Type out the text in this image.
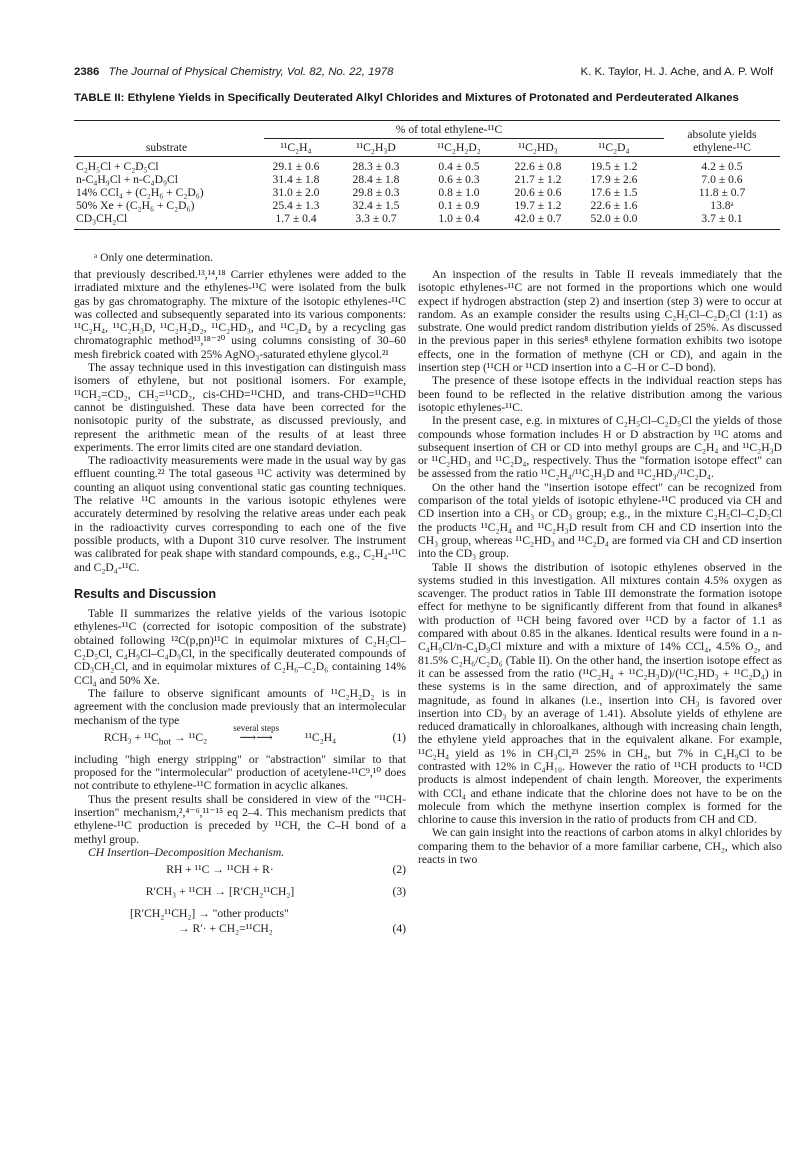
2386 The Journal of Physical Chemistry, Vol. 82, No. 22, 1978	K. K. Taylor, H. J. Ache, and A. P. Wolf
TABLE II: Ethylene Yields in Specifically Deuterated Alkyl Chlorides and Mixtures of Protonated and Perdeuterated Alkanes
% of total ethylene-¹¹C	absolute yields
ethylene-¹¹C
substrate	¹¹C₂H₄	¹¹C₂H₃D	¹¹C₂H₂D₂	¹¹C₂HD₃	¹¹C₂D₄
C₂H₅Cl + C₂D₅Cl	29.1 ± 0.6	28.3 ± 0.3	0.4 ± 0.5	22.6 ± 0.8	19.5 ± 1.2	4.2 ± 0.5
n-C₄H₉Cl + n-C₄D₉Cl	31.4 ± 1.8	28.4 ± 1.8	0.6 ± 0.3	21.7 ± 1.2	17.9 ± 2.6	7.0 ± 0.6
14% CCl₄ + (C₂H₆ + C₂D₆)	31.0 ± 2.0	29.8 ± 0.3	0.8 ± 1.0	20.6 ± 0.6	17.6 ± 1.5	11.8 ± 0.7
50% Xe + (C₂H₆ + C₂D₆)	25.4 ± 1.3	32.4 ± 1.5	0.1 ± 0.9	19.7 ± 1.2	22.6 ± 1.6	13.8ᵃ
CD₃CH₂Cl	1.7 ± 0.4	3.3 ± 0.7	1.0 ± 0.4	42.0 ± 0.7	52.0 ± 0.0	3.7 ± 0.1
ᵃ Only one determination.

that previously described.¹³,¹⁴,¹⁸ Carrier ethylenes were added to the irradiated mixture and the ethylenes-¹¹C were isolated from the bulk gas by gas chromatography. The mixture of the isotopic ethylenes-¹¹C was collected and subsequently separated into its various components: ¹¹C₂H₄, ¹¹C₂H₃D, ¹¹C₂H₂D₂, ¹¹C₂HD₃, and ¹¹C₂D₄ by a recycling gas chromatographic method¹³,¹⁸⁻²⁰ using columns consisting of 30–60 mesh firebrick coated with 25% AgNO₃-saturated ethylene glycol.²¹

The assay technique used in this investigation can distinguish mass isomers of ethylene, but not positional isomers. For example, ¹¹CH₂=CD₂, CH₂=¹¹CD₂, cis-CHD=¹¹CHD, and trans-CHD=¹¹CHD cannot be distinguished. These data have been corrected for the nonisotopic purity of the substrate, as discussed previously, and represent the arithmetic mean of the results of at least three experiments. The error limits cited are one standard deviation.

The radioactivity measurements were made in the usual way by gas effluent counting.²² The total gaseous ¹¹C activity was determined by counting an aliquot using conventional static gas counting techniques. The relative ¹¹C amounts in the various isotopic ethylenes were accurately determined by resolving the relative areas under each peak in the radioactivity curves corresponding to each one of the five possible products, with a Dupont 310 curve resolver. The instrument was calibrated for peak shape with standard compounds, e.g., C₂H₄-¹¹C and C₂D₄-¹¹C.

Results and Discussion

Table II summarizes the relative yields of the various isotopic ethylenes-¹¹C (corrected for isotopic composition of the substrate) obtained following ¹²C(p,pn)¹¹C in equimolar mixtures of C₂H₅Cl–C₂D₅Cl, C₄H₉Cl–C₄D₉Cl, in the specifically deuterated compounds of CD₃CH₂Cl, and in equimolar mixtures of C₂H₆–C₂D₆ containing 14% CCl₄ and 50% Xe.

The failure to observe significant amounts of ¹¹C₂H₂D₂ is in agreement with the conclusion made previously that an intermolecular mechanism of the type

$RCH_3 + ^{11}C_{hot} \to ^{11}C_2$
several steps
⟶⟶	¹¹C₂H₄	(1)

including "high energy stripping" or "abstraction" similar to that proposed for the "intermolecular" production of acetylene-¹¹C⁹,¹⁰ does not contribute to ethylene-¹¹C formation in acyclic alkanes.

Thus the present results shall be considered in view of the "¹¹CH-insertion" mechanism,²,⁴⁻⁶,¹¹⁻¹⁵ eq 2–4. This mechanism predicts that ethylene-¹¹C production is preceded by ¹¹CH, the C–H bond of a methyl group.

CH Insertion–Decomposition Mechanism.

RH + ¹¹C → ¹¹CH + R·	(2)
R′CH₃ + ¹¹CH → [R′CH₂¹¹CH₂]	(3)
[R′CH₂¹¹CH₂] → "other products"
→ R′· + CH₂=¹¹CH₂	(4)

An inspection of the results in Table II reveals immediately that the isotopic ethylenes-¹¹C are not formed in the proportions which one would expect if hydrogen abstraction (step 2) and insertion (step 3) were to occur at random. As an example consider the results using C₂H₅Cl–C₂D₅Cl (1:1) as substrate. One would predict random distribution yields of 25%. As discussed in the previous paper in this series⁸ ethylene formation exhibits two isotope effects, one in the formation of methyne (CH or CD), and again in the insertion step (¹¹CH or ¹¹CD insertion into a C–H or C–D bond).

The presence of these isotope effects in the individual reaction steps has been found to be reflected in the relative distribution among the various isotopic ethylenes-¹¹C.

In the present case, e.g. in mixtures of C₂H₅Cl–C₂D₅Cl the yields of those compounds whose formation includes H or D abstraction by ¹¹C atoms and subsequent insertion of CH or CD into methyl groups are C₂H₄ and ¹¹C₂H₃D or ¹¹C₂HD₃ and ¹¹C₂D₄, respectively. Thus the "formation isotope effect" can be assessed from the ratio ¹¹C₂H₄/¹¹C₂H₃D and ¹¹C₂HD₃/¹¹C₂D₄.

On the other hand the "insertion isotope effect" can be recognized from comparison of the total yields of isotopic ethylene-¹¹C produced via CH and CD insertion into a CH₃ or CD₃ group; e.g., in the mixture C₂H₅Cl–C₂D₅Cl the products ¹¹C₂H₄ and ¹¹C₂H₃D result from CH and CD insertion into the CH₃ group, whereas ¹¹C₂HD₃ and ¹¹C₂D₄ are formed via CH and CD insertion into the CD₃ group.

Table II shows the distribution of isotopic ethylenes observed in the systems studied in this investigation. All mixtures contain 4.5% oxygen as scavenger. The product ratios in Table III demonstrate the formation isotope effect for methyne to be significantly different from that found in alkanes⁸ with production of ¹¹CH being favored over ¹¹CD by a factor of 1.1 as compared with about 0.85 in the alkanes. Identical results were found in a n-C₄H₉Cl/n-C₄D₉Cl mixture and with a mixture of 14% CCl₄, 4.5% O₂, and 81.5% C₂H₆/C₂D₆ (Table II). On the other hand, the insertion isotope effect as it can be assessed from the ratio (¹¹C₂H₄ + ¹¹C₂H₃D)/(¹¹C₂HD₃ + ¹¹C₂D₄) in these systems is in the same direction, and of approximately the same magnitude, as found in alkanes (i.e., insertion into CH₃ is favored over insertion into CD₃ by an average of 1.41). Absolute yields of ethylene are reduced dramatically in chloroalkanes, although with increasing chain length, the ethylene yield approaches that in the equivalent alkane. For example, ¹¹C₂H₄ yield as 1% in CH₃Cl,²³ 25% in CH₄, but 7% in C₄H₉Cl to be contrasted with 12% in C₄H₁₀. However the ratio of ¹¹CH products to ¹¹CD products is almost independent of chain length. Moreover, the experiments with CCl₄ and ethane indicate that the chlorine does not have to be on the molecule from which the methyne insertion complex is formed for the chlorine to cause this inversion in the ratio of products from CH and CD.

We can gain insight into the reactions of carbon atoms in alkyl chlorides by comparing them to the behavior of a more familiar carbene, CH₂, which also reacts in two
